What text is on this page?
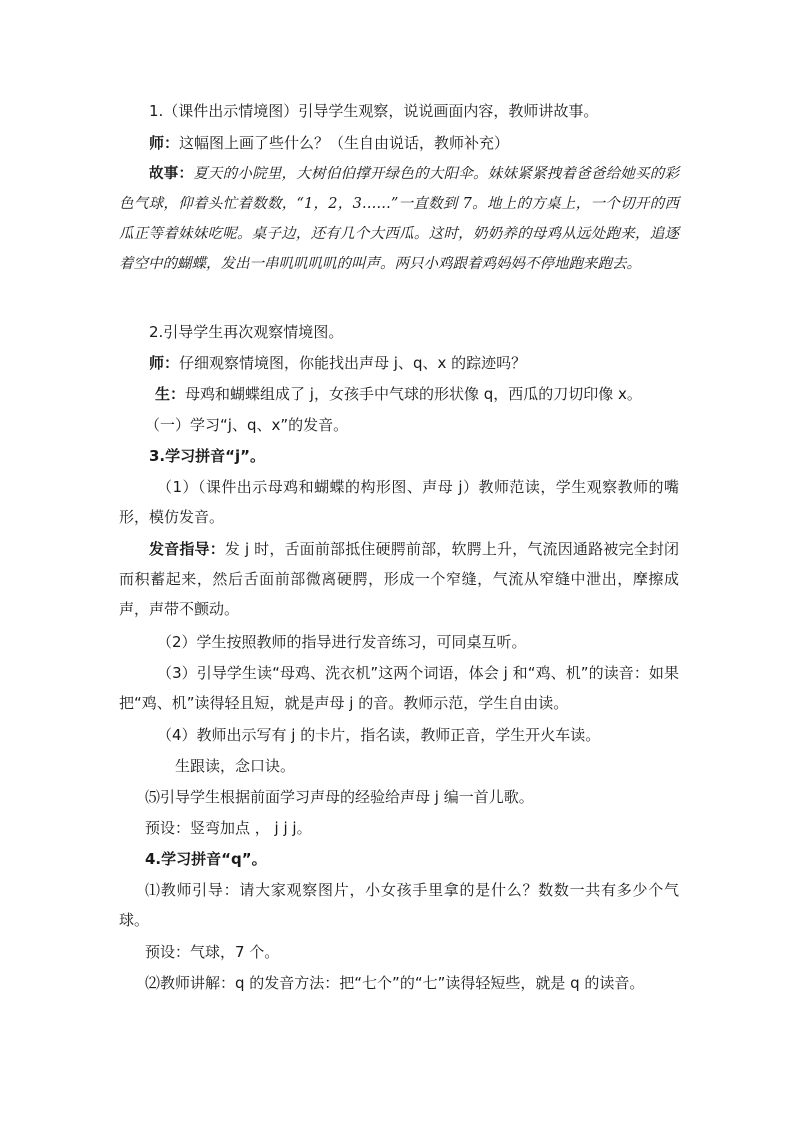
1.（课件出示情境图）引导学生观察，说说画面内容，教师讲故事。

师：这幅图上画了些什么？（生自由说话，教师补充）

故事：夏天的小院里，大树伯伯撑开绿色的大阳伞。妹妹紧紧拽着爸爸给她买的彩色气球，仰着头忙着数数，“1，2，3……”一直数到 7。地上的方桌上，一个切开的西瓜正等着妹妹吃呢。桌子边，还有几个大西瓜。这时，奶奶养的母鸡从远处跑来，追逐着空中的蝴蝶，发出一串叽叽叽叽的叫声。两只小鸡跟着鸡妈妈不停地跑来跑去。

2.引导学生再次观察情境图。

师：仔细观察情境图，你能找出声母 j、q、x 的踪迹吗？

生：母鸡和蝴蝶组成了 j，女孩手中气球的形状像 q，西瓜的刀切印像 x。

（一）学习“j、q、x”的发音。

3.学习拼音“j”。

（1）（课件出示母鸡和蝴蝶的构形图、声母 j）教师范读，学生观察教师的嘴形，模仿发音。

发音指导：发 j 时，舌面前部抵住硬腭前部，软腭上升，气流因通路被完全封闭而积蓄起来，然后舌面前部微离硬腭，形成一个窄缝，气流从窄缝中泄出，摩擦成声，声带不颤动。

（2）学生按照教师的指导进行发音练习，可同桌互听。

（3）引导学生读“母鸡、洗衣机”这两个词语，体会 j 和“鸡、机”的读音：如果把“鸡、机”读得轻且短，就是声母 j 的音。教师示范，学生自由读。

（4）教师出示写有 j 的卡片，指名读，教师正音，学生开火车读。

生跟读，念口诀。

⑸引导学生根据前面学习声母的经验给声母 j 编一首儿歌。

预设：竖弯加点 ， j j j。

4.学习拼音“q”。

⑴教师引导：请大家观察图片，小女孩手里拿的是什么？数数一共有多少个气球。

预设：气球，7 个。

⑵教师讲解：q 的发音方法：把“七个”的“七”读得轻短些，就是 q 的读音。
